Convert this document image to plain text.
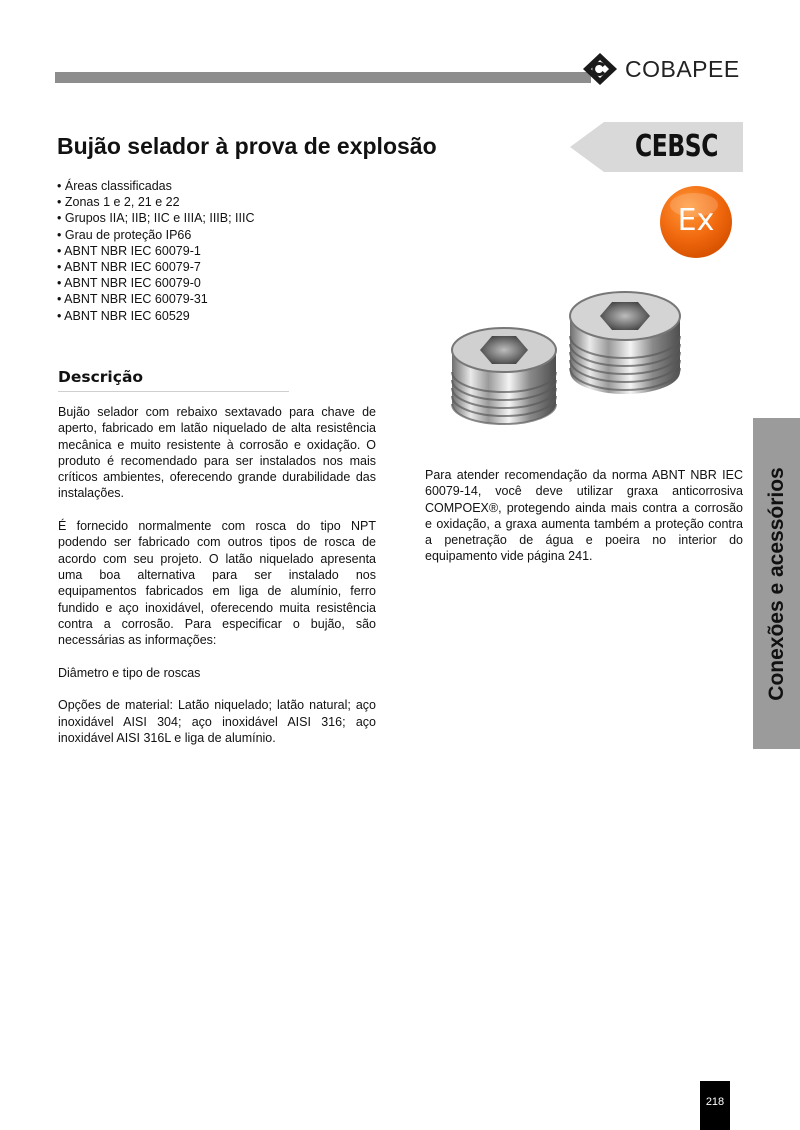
COBAPEE
Bujão selador à prova de explosão	CEBSC
Ex
• Áreas classificadas
• Zonas 1 e 2, 21 e 22
• Grupos IIA; IIB; IIC e IIIA; IIIB; IIIC
• Grau de proteção IP66
• ABNT NBR IEC 60079-1
• ABNT NBR IEC 60079-7
• ABNT NBR IEC 60079-0
• ABNT NBR IEC 60079-31
• ABNT NBR IEC 60529
Descrição

Bujão selador com rebaixo sextavado para chave de aperto, fabricado em latão niquelado de alta resistência mecânica e muito resistente à corrosão e oxidação. O produto é recomendado para ser instalados nos mais críticos ambientes, oferecendo grande durabilidade das instalações.

É fornecido normalmente com rosca do tipo NPT podendo ser fabricado com outros tipos de rosca de acordo com seu projeto. O latão niquelado apresenta uma boa alternativa para ser instalado nos equipamentos fabricados em liga de alumínio, ferro fundido e aço inoxidável, oferecendo muita resistência contra a corrosão. Para especificar o bujão, são necessárias as informações:

Diâmetro e tipo de roscas

Opções de material: Latão niquelado; latão natural; aço inoxidável AISI 304; aço inoxidável AISI 316; aço inoxidável AISI 316L e liga de alumínio.

Para atender recomendação da norma ABNT NBR IEC 60079-14, você deve utilizar graxa anticorrosiva COMPOEX®, protegendo ainda mais contra a corrosão e oxidação, a graxa aumenta também a proteção contra a penetração de água e poeira no interior do equipamento vide página 241.	Conexões e acessórios
218
